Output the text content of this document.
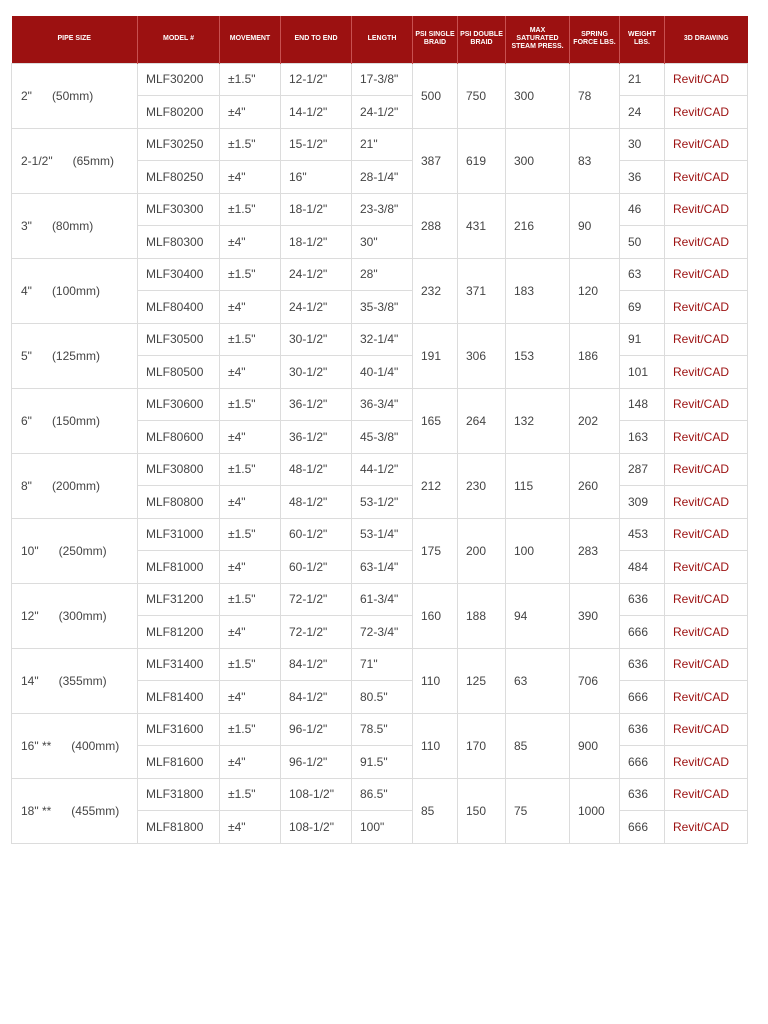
PIPE SIZE	MODEL #	MOVEMENT	END TO END	LENGTH	PSI SINGLE BRAID	PSI DOUBLE BRAID	MAX SATURATED STEAM PRESS.	SPRING FORCE LBS.	WEIGHT LBS.	3D DRAWING

2" (50mm)	MLF30200	±1.5"	12-1/2"	17-3/8"	500	750	300	78	21	Revit/CAD
	MLF80200	±4"	14-1/2"	24-1/2"					24	Revit/CAD
2-1/2" (65mm)	MLF30250	±1.5"	15-1/2"	21"	387	619	300	83	30	Revit/CAD
	MLF80250	±4"	16"	28-1/4"					36	Revit/CAD
3" (80mm)	MLF30300	±1.5"	18-1/2"	23-3/8"	288	431	216	90	46	Revit/CAD
	MLF80300	±4"	18-1/2"	30"					50	Revit/CAD
4" (100mm)	MLF30400	±1.5"	24-1/2"	28"	232	371	183	120	63	Revit/CAD
	MLF80400	±4"	24-1/2"	35-3/8"					69	Revit/CAD
5" (125mm)	MLF30500	±1.5"	30-1/2"	32-1/4"	191	306	153	186	91	Revit/CAD
	MLF80500	±4"	30-1/2"	40-1/4"					101	Revit/CAD
6" (150mm)	MLF30600	±1.5"	36-1/2"	36-3/4"	165	264	132	202	148	Revit/CAD
	MLF80600	±4"	36-1/2"	45-3/8"					163	Revit/CAD
8" (200mm)	MLF30800	±1.5"	48-1/2"	44-1/2"	212	230	115	260	287	Revit/CAD
	MLF80800	±4"	48-1/2"	53-1/2"					309	Revit/CAD
10" (250mm)	MLF31000	±1.5"	60-1/2"	53-1/4"	175	200	100	283	453	Revit/CAD
	MLF81000	±4"	60-1/2"	63-1/4"					484	Revit/CAD
12" (300mm)	MLF31200	±1.5"	72-1/2"	61-3/4"	160	188	94	390	636	Revit/CAD
	MLF81200	±4"	72-1/2"	72-3/4"					666	Revit/CAD
14" (355mm)	MLF31400	±1.5"	84-1/2"	71"	110	125	63	706	636	Revit/CAD
	MLF81400	±4"	84-1/2"	80.5"					666	Revit/CAD
16" ** (400mm)	MLF31600	±1.5"	96-1/2"	78.5"	110	170	85	900	636	Revit/CAD
	MLF81600	±4"	96-1/2"	91.5"					666	Revit/CAD
18" ** (455mm)	MLF31800	±1.5"	108-1/2"	86.5"	85	150	75	1000	636	Revit/CAD
	MLF81800	±4"	108-1/2"	100"					666	Revit/CAD
